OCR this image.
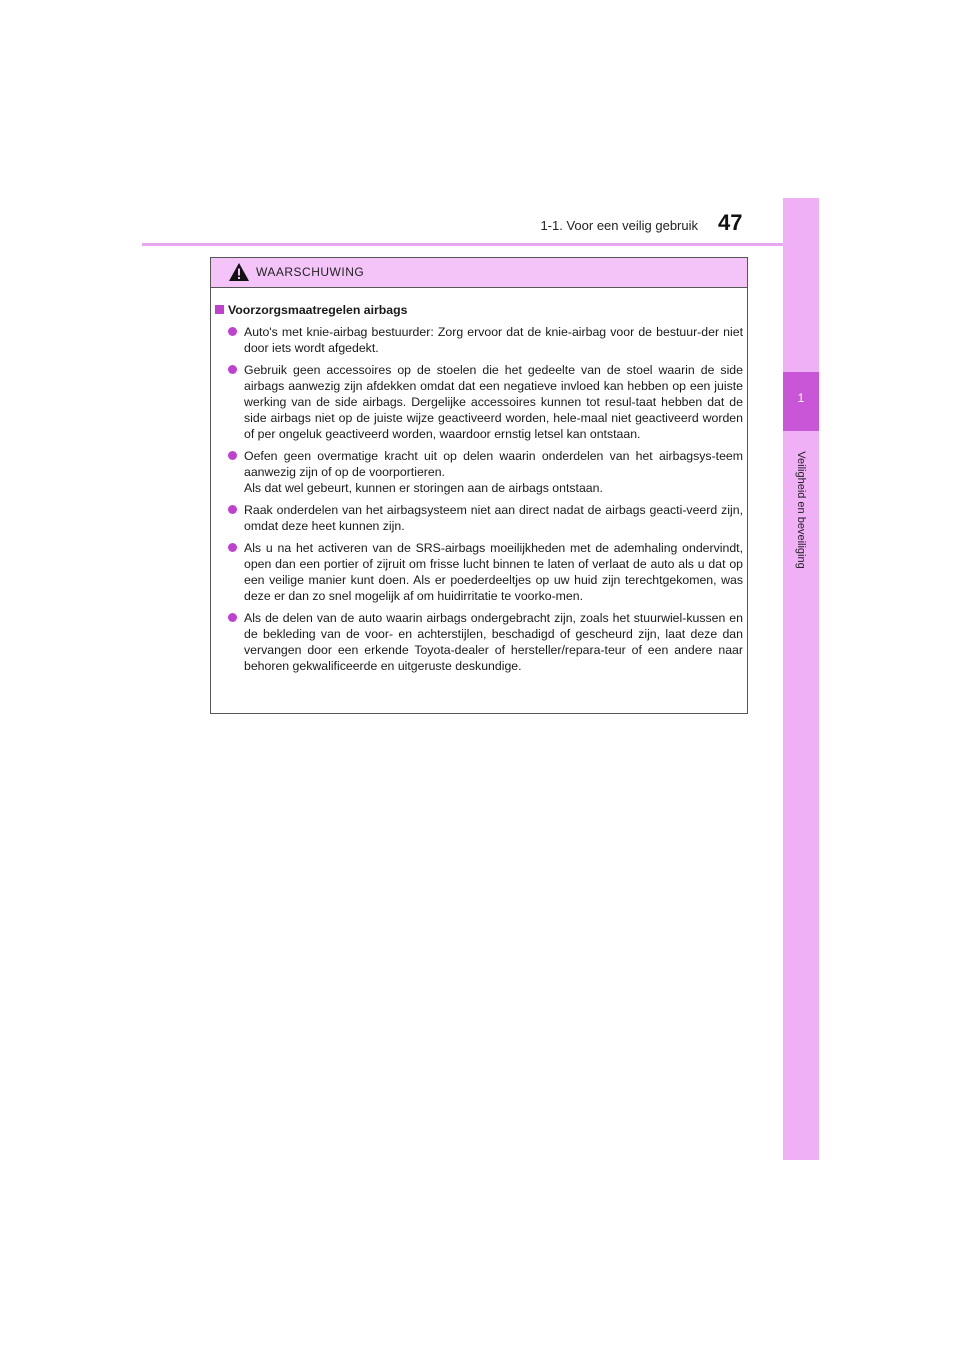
1-1. Voor een veilig gebruik 47
1
Veiligheid en beveiliging
WAARSCHUWING
Voorzorgsmaatregelen airbags
Auto's met knie-airbag bestuurder: Zorg ervoor dat de knie-airbag voor de bestuur-der niet door iets wordt afgedekt.
Gebruik geen accessoires op de stoelen die het gedeelte van de stoel waarin de side airbags aanwezig zijn afdekken omdat dat een negatieve invloed kan hebben op een juiste werking van de side airbags. Dergelijke accessoires kunnen tot resul-taat hebben dat de side airbags niet op de juiste wijze geactiveerd worden, hele-maal niet geactiveerd worden of per ongeluk geactiveerd worden, waardoor ernstig letsel kan ontstaan.
Oefen geen overmatige kracht uit op delen waarin onderdelen van het airbagsys-teem aanwezig zijn of op de voorportieren.
Als dat wel gebeurt, kunnen er storingen aan de airbags ontstaan.
Raak onderdelen van het airbagsysteem niet aan direct nadat de airbags geacti-veerd zijn, omdat deze heet kunnen zijn.
Als u na het activeren van de SRS-airbags moeilijkheden met de ademhaling ondervindt, open dan een portier of zijruit om frisse lucht binnen te laten of verlaat de auto als u dat op een veilige manier kunt doen. Als er poederdeeltjes op uw huid zijn terechtgekomen, was deze er dan zo snel mogelijk af om huidirritatie te voorko-men.
Als de delen van de auto waarin airbags ondergebracht zijn, zoals het stuurwiel-kussen en de bekleding van de voor- en achterstijlen, beschadigd of gescheurd zijn, laat deze dan vervangen door een erkende Toyota-dealer of hersteller/repara-teur of een andere naar behoren gekwalificeerde en uitgeruste deskundige.
